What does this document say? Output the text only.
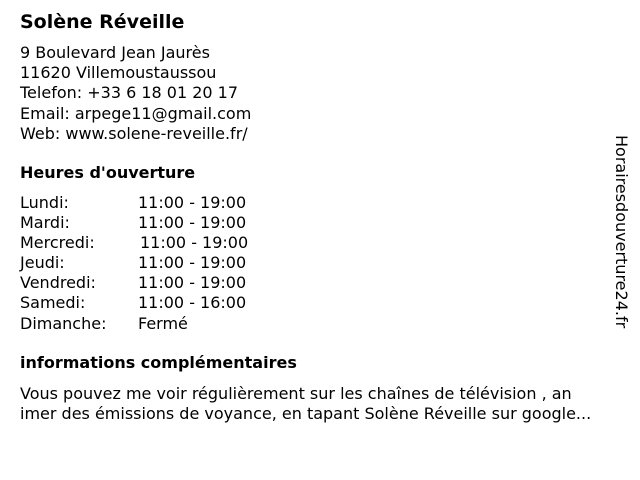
Solène Réveille
9 Boulevard Jean Jaurès
11620 Villemoustaussou
Telefon: +33 6 18 01 20 17
Email: arpege11@gmail.com
Web: www.solene-reveille.fr/
Heures d'ouverture
Lundi:	11:00 - 19:00
Mardi:	11:00 - 19:00
Mercredi:	11:00 - 19:00
Jeudi:	11:00 - 19:00
Vendredi:	11:00 - 19:00
Samedi:	11:00 - 16:00
Dimanche:	Fermé
informations complémentaires
Vous pouvez me voir régulièrement sur les chaînes de télévision , an
imer des émissions de voyance, en tapant Solène Réveille sur google...
Horairesdouverture24.fr
